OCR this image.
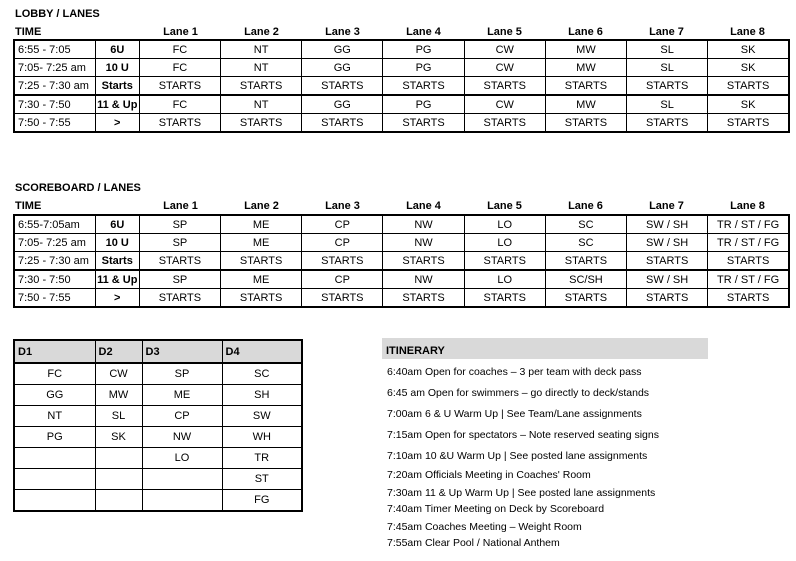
LOBBY / LANES
TIME	Lane 1	Lane 2	Lane 3	Lane 4	Lane 5	Lane 6	Lane 7	Lane 8
6:55 - 7:05	6U	FC	NT	GG	PG	CW	MW	SL	SK
7:05- 7:25 am	10 U	FC	NT	GG	PG	CW	MW	SL	SK
7:25 - 7:30 am	Starts	STARTS	STARTS	STARTS	STARTS	STARTS	STARTS	STARTS	STARTS
7:30 - 7:50	11 & Up	FC	NT	GG	PG	CW	MW	SL	SK
7:50 - 7:55	>	STARTS	STARTS	STARTS	STARTS	STARTS	STARTS	STARTS	STARTS
SCOREBOARD / LANES
TIME	Lane 1	Lane 2	Lane 3	Lane 4	Lane 5	Lane 6	Lane 7	Lane 8
6:55-7:05am	6U	SP	ME	CP	NW	LO	SC	SW / SH	TR / ST / FG
7:05- 7:25 am	10 U	SP	ME	CP	NW	LO	SC	SW / SH	TR / ST / FG
7:25 - 7:30 am	Starts	STARTS	STARTS	STARTS	STARTS	STARTS	STARTS	STARTS	STARTS
7:30 - 7:50	11 & Up	SP	ME	CP	NW	LO	SC/SH	SW / SH	TR / ST / FG
7:50 - 7:55	>	STARTS	STARTS	STARTS	STARTS	STARTS	STARTS	STARTS	STARTS
D1	D2	D3	D4
FC	CW	SP	SC
GG	MW	ME	SH
NT	SL	CP	SW
PG	SK	NW	WH
		LO	TR
			ST
			FG
ITINERARY
6:40am Open for coaches – 3 per team with deck pass
6:45 am Open for swimmers – go directly to deck/stands
7:00am 6 & U Warm Up | See Team/Lane assignments
7:15am Open for spectators – Note reserved seating signs
7:10am 10 &U Warm Up | See posted lane assignments
7:20am Officials Meeting in Coaches' Room
7:30am 11 & Up Warm Up | See posted lane assignments
7:40am Timer Meeting on Deck by Scoreboard
7:45am Coaches Meeting – Weight Room
7:55am Clear Pool / National Anthem
